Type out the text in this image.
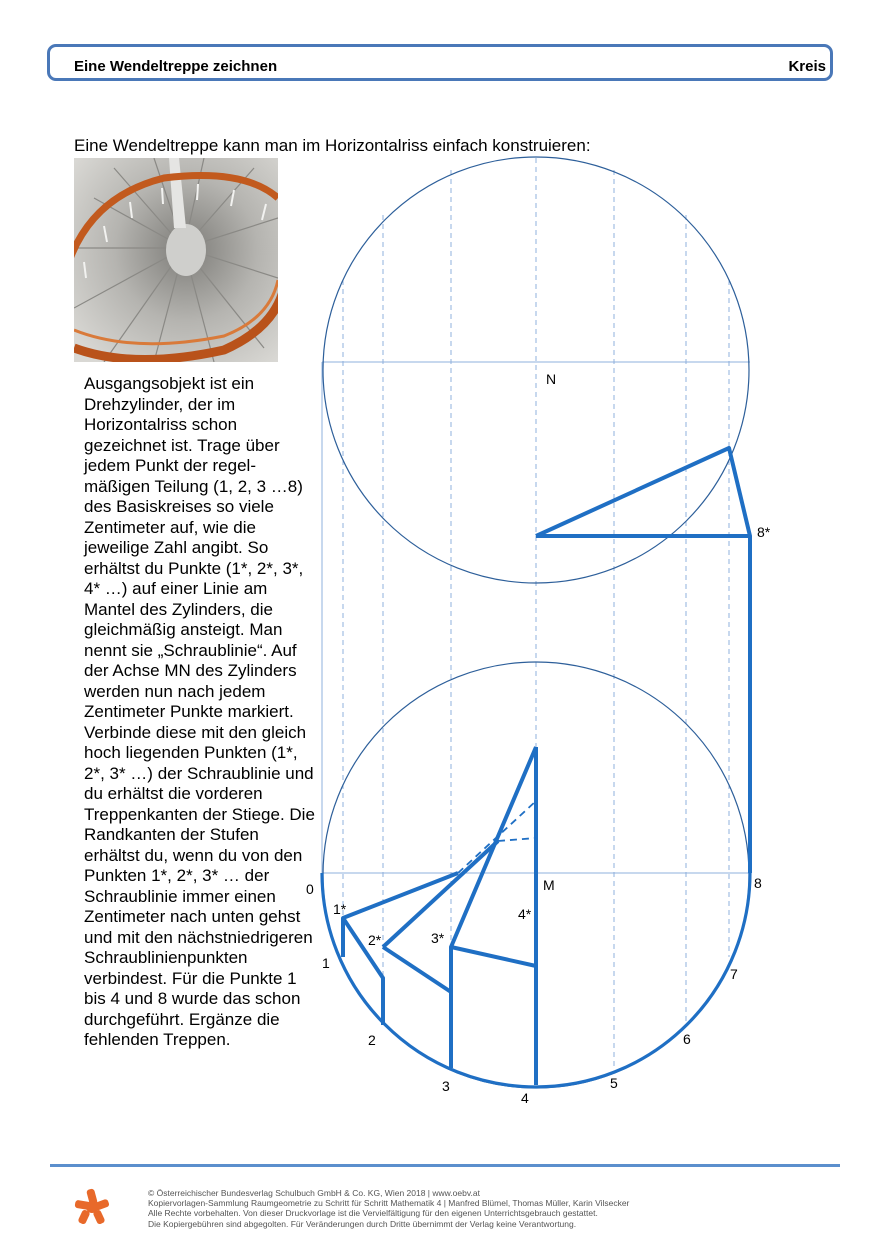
Eine Wendeltreppe zeichnen	Kreis
Eine Wendeltreppe kann man im Horizontalriss einfach konstruieren:

Ausgangsobjekt ist ein Drehzylinder, der im Horizontalriss schon gezeichnet ist. Trage über jedem Punkt der regel-mäßigen Teilung (1, 2, 3 …8) des Basiskreises so viele Zentimeter auf, wie die jeweilige Zahl angibt. So erhältst du Punkte (1*, 2*, 3*, 4* …) auf einer Linie am Mantel des Zylinders, die gleichmäßig ansteigt. Man nennt sie „Schraublinie“. Auf der Achse MN des Zylinders werden nun nach jedem Zentimeter Punkte markiert. Verbinde diese mit den gleich hoch liegenden Punkten (1*, 2*, 3* …) der Schraublinie und du erhältst die vorderen Treppenkanten der Stiege. Die Randkanten der Stufen erhältst du, wenn du von den Punkten 1*, 2*, 3* … der Schraublinie immer einen Zentimeter nach unten gehst und mit den nächstniedrigeren Schraublinienpunkten verbindest. Für die Punkte 1 bis 4 und 8 wurde das schon durchgeführt. Ergänze die fehlenden Treppen.

N
M
0
1
2
3
4
5
6
7
8
1*
2*	3*
4*
8*
© Österreichischer Bundesverlag Schulbuch GmbH & Co. KG, Wien 2018 | www.oebv.at
Kopiervorlagen-Sammlung Raumgeometrie zu Schritt für Schritt Mathematik 4 | Manfred Blümel, Thomas Müller, Karin Vilsecker
Alle Rechte vorbehalten. Von dieser Druckvorlage ist die Vervielfältigung für den eigenen Unterrichtsgebrauch gestattet.
Die Kopiergebühren sind abgegolten. Für Veränderungen durch Dritte übernimmt der Verlag keine Verantwortung.
